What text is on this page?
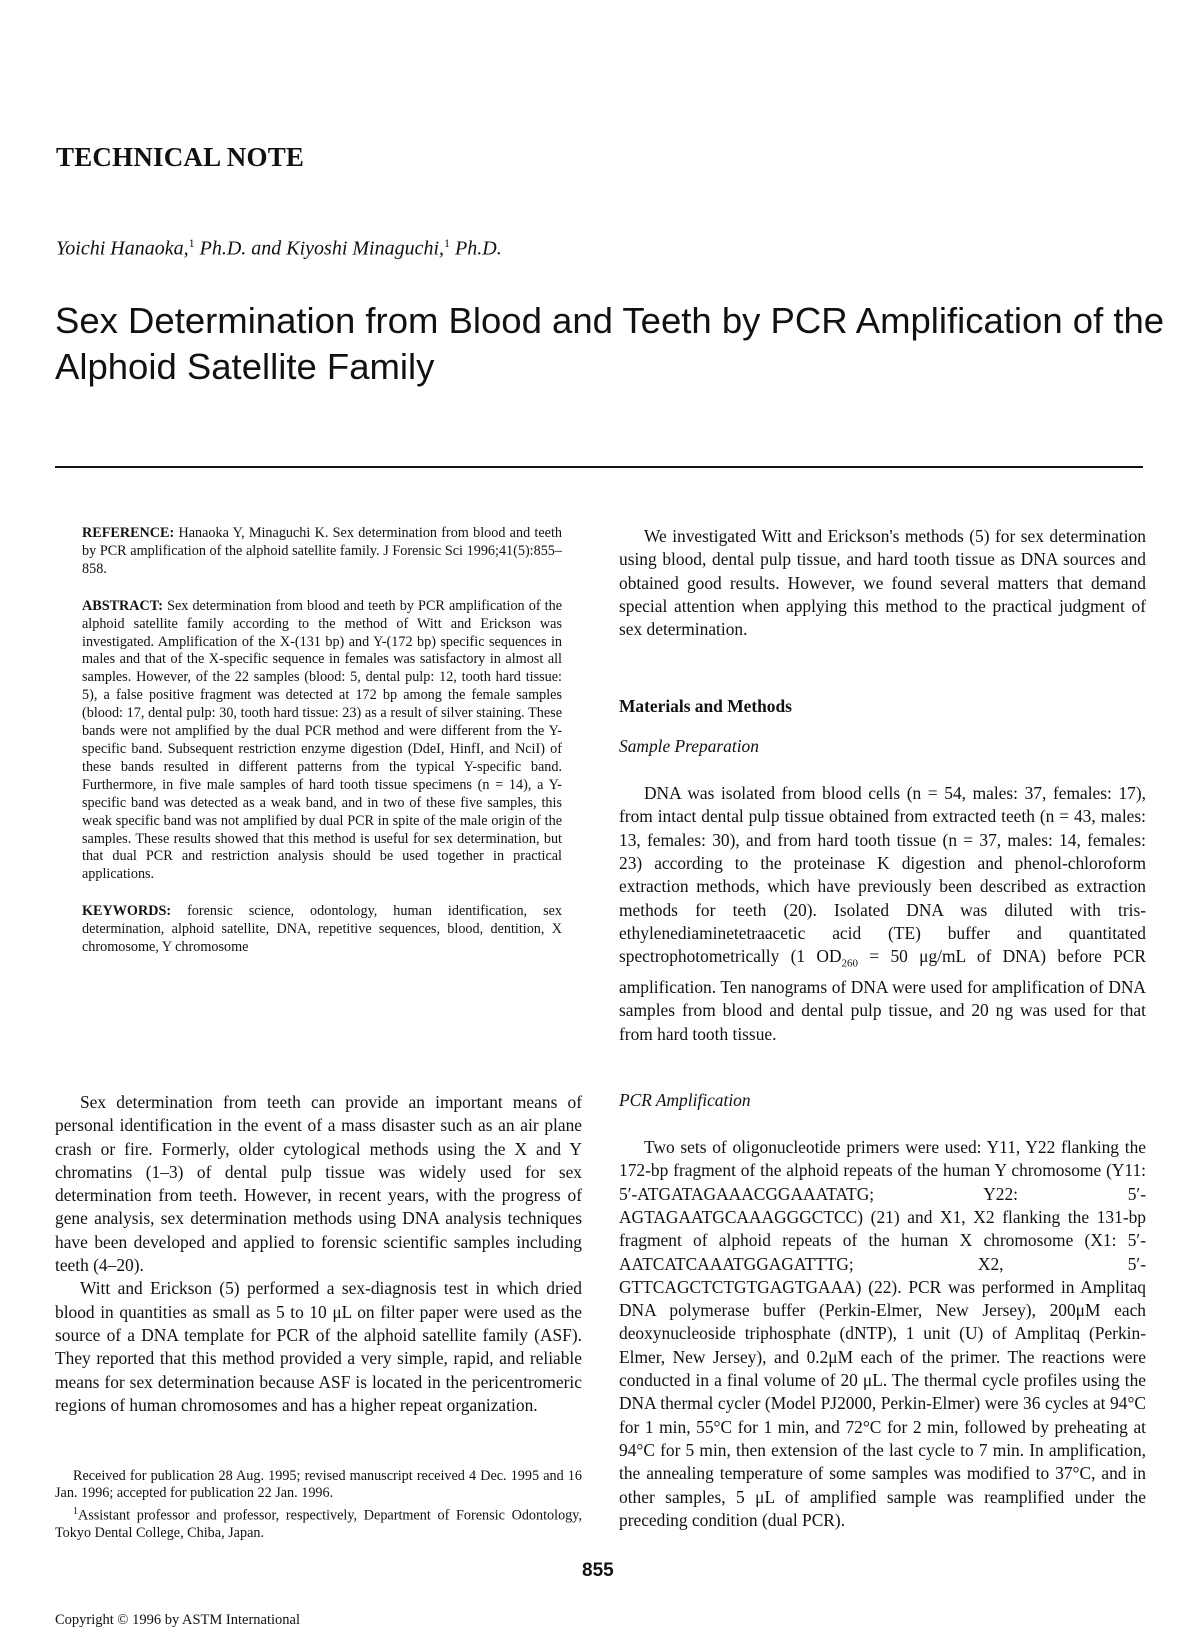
TECHNICAL NOTE
Yoichi Hanaoka,$^1$ Ph.D. and Kiyoshi Minaguchi,$^1$ Ph.D.
Sex Determination from Blood and Teeth by PCR Amplification of the Alphoid Satellite Family

REFERENCE: Hanaoka Y, Minaguchi K. Sex determination from blood and teeth by PCR amplification of the alphoid satellite family. J Forensic Sci 1996;41(5):855–858.

ABSTRACT: Sex determination from blood and teeth by PCR amplification of the alphoid satellite family according to the method of Witt and Erickson was investigated. Amplification of the X-(131 bp) and Y-(172 bp) specific sequences in males and that of the X-specific sequence in females was satisfactory in almost all samples. However, of the 22 samples (blood: 5, dental pulp: 12, tooth hard tissue: 5), a false positive fragment was detected at 172 bp among the female samples (blood: 17, dental pulp: 30, tooth hard tissue: 23) as a result of silver staining. These bands were not amplified by the dual PCR method and were different from the Y-specific band. Subsequent restriction enzyme digestion (DdeI, HinfI, and NciI) of these bands resulted in different patterns from the typical Y-specific band. Furthermore, in five male samples of hard tooth tissue specimens (n = 14), a Y-specific band was detected as a weak band, and in two of these five samples, this weak specific band was not amplified by dual PCR in spite of the male origin of the samples. These results showed that this method is useful for sex determination, but that dual PCR and restriction analysis should be used together in practical applications.

KEYWORDS: forensic science, odontology, human identification, sex determination, alphoid satellite, DNA, repetitive sequences, blood, dentition, X chromosome, Y chromosome

Sex determination from teeth can provide an important means of personal identification in the event of a mass disaster such as an air plane crash or fire. Formerly, older cytological methods using the X and Y chromatins (1–3) of dental pulp tissue was widely used for sex determination from teeth. However, in recent years, with the progress of gene analysis, sex determination methods using DNA analysis techniques have been developed and applied to forensic scientific samples including teeth (4–20).

Witt and Erickson (5) performed a sex-diagnosis test in which dried blood in quantities as small as 5 to 10 μL on filter paper were used as the source of a DNA template for PCR of the alphoid satellite family (ASF). They reported that this method provided a very simple, rapid, and reliable means for sex determination because ASF is located in the pericentromeric regions of human chromosomes and has a higher repeat organization.

Received for publication 28 Aug. 1995; revised manuscript received 4 Dec. 1995 and 16 Jan. 1996; accepted for publication 22 Jan. 1996.

$^1$Assistant professor and professor, respectively, Department of Forensic Odontology, Tokyo Dental College, Chiba, Japan.

We investigated Witt and Erickson's methods (5) for sex determination using blood, dental pulp tissue, and hard tooth tissue as DNA sources and obtained good results. However, we found several matters that demand special attention when applying this method to the practical judgment of sex determination.

Materials and Methods

Sample Preparation

DNA was isolated from blood cells (n = 54, males: 37, females: 17), from intact dental pulp tissue obtained from extracted teeth (n = 43, males: 13, females: 30), and from hard tooth tissue (n = 37, males: 14, females: 23) according to the proteinase K digestion and phenol-chloroform extraction methods, which have previously been described as extraction methods for teeth (20). Isolated DNA was diluted with tris-ethylenediaminetetraacetic acid (TE) buffer and quantitated spectrophotometrically (1 $OD_{260} = 50$ μg/mL of DNA) before PCR amplification. Ten nanograms of DNA were used for amplification of DNA samples from blood and dental pulp tissue, and 20 ng was used for that from hard tooth tissue.

PCR Amplification

Two sets of oligonucleotide primers were used: Y11, Y22 flanking the 172-bp fragment of the alphoid repeats of the human Y chromosome (Y11: 5′-ATGATAGAAACGGAAATATG; Y22: 5′-AGTAGAATGCAAAGGGCTCC) (21) and X1, X2 flanking the 131-bp fragment of alphoid repeats of the human X chromosome (X1: 5′-AATCATCAAATGGAGATTTG; X2, 5′-GTTCAGCTCTGTGAGTGAAA) (22). PCR was performed in Amplitaq DNA polymerase buffer (Perkin-Elmer, New Jersey), 200μM each deoxynucleoside triphosphate (dNTP), 1 unit (U) of Amplitaq (Perkin-Elmer, New Jersey), and 0.2μM each of the primer. The reactions were conducted in a final volume of 20 μL. The thermal cycle profiles using the DNA thermal cycler (Model PJ2000, Perkin-Elmer) were 36 cycles at 94°C for 1 min, 55°C for 1 min, and 72°C for 2 min, followed by preheating at 94°C for 5 min, then extension of the last cycle to 7 min. In amplification, the annealing temperature of some samples was modified to 37°C, and in other samples, 5 μL of amplified sample was reamplified under the preceding condition (dual PCR).

855
Copyright © 1996 by ASTM International
